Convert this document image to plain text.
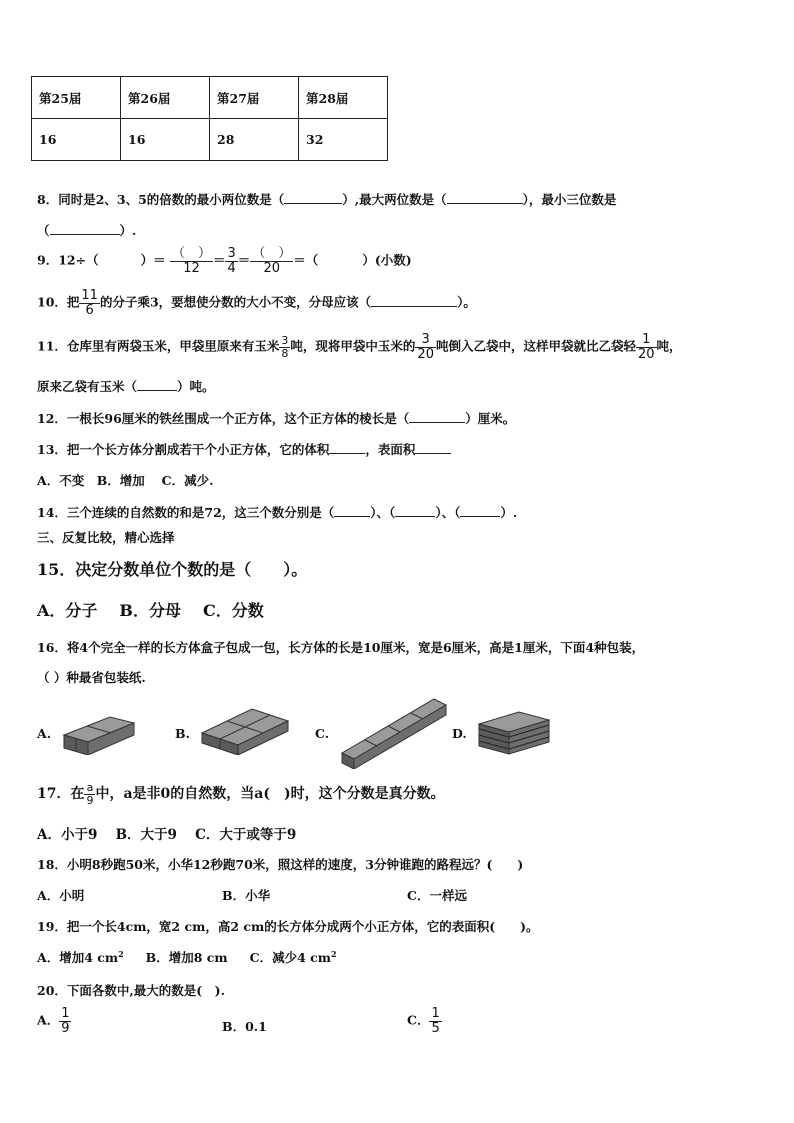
第25届	第26届	第27届	第28届
16	16	28	32
8．同时是2、3、5的倍数的最小两位数是（	）,最大两位数是（	），最小三位数是
（	）.
9．12÷（	）＝ $\frac{( )}{12} = \frac{3}{4} = \frac{( )}{20}$ ＝（	）(小数)
10．把 $\frac{11}{6}$ 的分子乘3，要想使分数的大小不变，分母应该（	）。
11．仓库里有两袋玉米，甲袋里原来有玉米 $\frac{3}{8}$ 吨，现将甲袋中玉米的 $\frac{3}{20}$ 吨倒入乙袋中，这样甲袋就比乙袋轻 $\frac{1}{20}$ 吨，
原来乙袋有玉米（	）吨。
12．一根长96厘米的铁丝围成一个正方体，这个正方体的棱长是（	）厘米。
13．把一个长方体分割成若干个小正方体，它的体积	，表面积
A．不变　B．增加　 C．减少.
14．三个连续的自然数的和是72，这三个数分别是（	）、（	）、（	）.
三、反复比较，精心选择
15．决定分数单位个数的是（　　）。
A．分子 B．分母 C．分数
16．将4个完全一样的长方体盒子包成一包，长方体的长是10厘米，宽是6厘米，高是1厘米，下面4种包装，
（ ）种最省包装纸.
A.	B.	C.	D.
17．在 $\frac{a}{9}$ 中，a是非0的自然数，当a(　)时，这个分数是真分数。
A．小于9　 B．大于9　 C．大于或等于9
18．小明8秒跑50米，小华12秒跑70米，照这样的速度，3分钟谁跑的路程远？(　　)
A．小明	B．小华	C．一样远
19．把一个长4cm，宽2 cm，高2 cm的长方体分成两个小正方体，它的表面积(　　)。
A．增加4 $cm^2$ B．增加8 cm C．减少4 $cm^2$
20．下面各数中,最大的数是(　).
A． $\frac{1}{9}$	B．0.1	C． $\frac{1}{5}$
